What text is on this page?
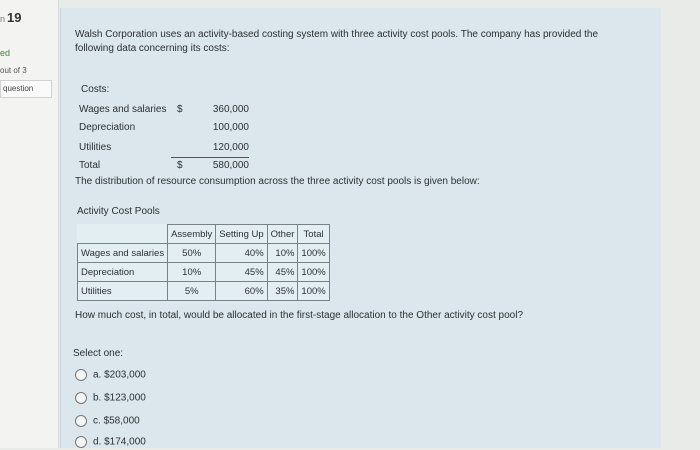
n 19
ed
out of 3
question
Walsh Corporation uses an activity-based costing system with three activity cost pools. The company has provided the following data concerning its costs:
Costs:
Wages and salaries $	360,000
Depreciation	100,000
Utilities	120,000
Total	$	580,000
The distribution of resource consumption across the three activity cost pools is given below:
Activity Cost Pools
	Assembly	Setting Up	Other	Total
Wages and salaries	50%	40%	10%	100%
Depreciation	10%	45%	45%	100%
Utilities	5%	60%	35%	100%
How much cost, in total, would be allocated in the first-stage allocation to the Other activity cost pool?
Select one:
a. $203,000
b. $123,000
c. $58,000
d. $174,000
